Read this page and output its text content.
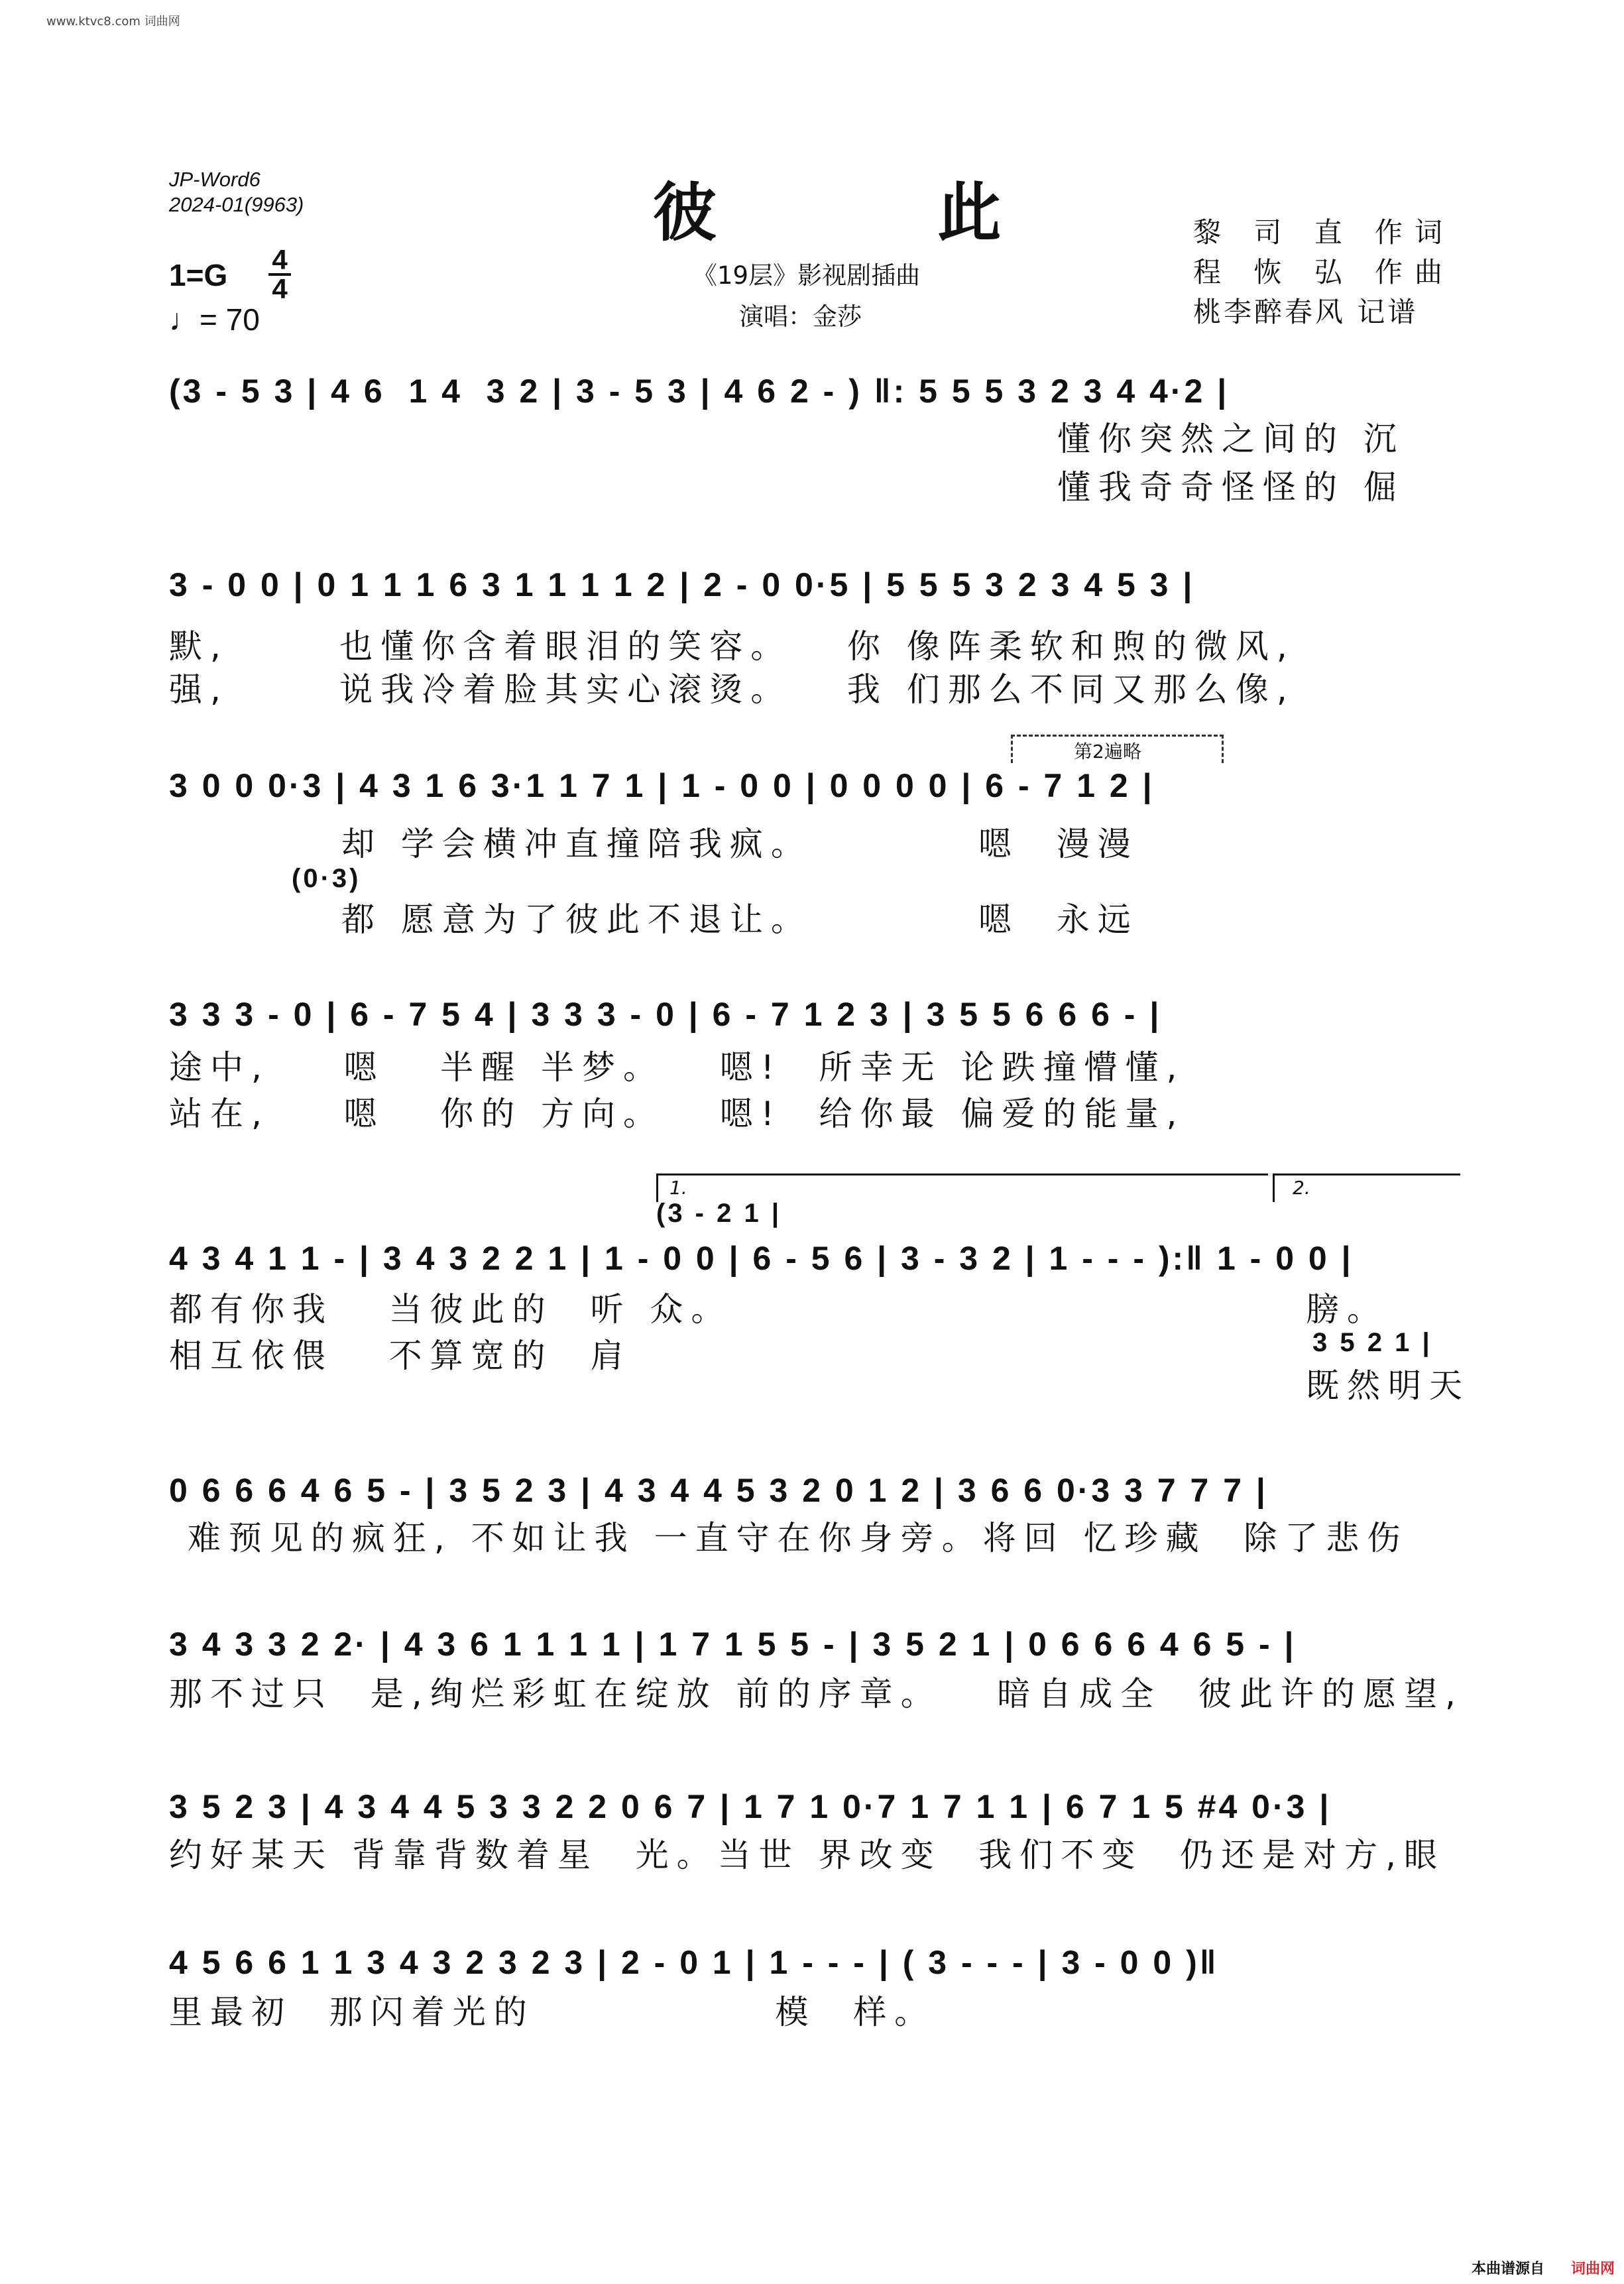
www.ktvc8.com 词曲网
JP-Word6
2024-01(9963)	彼 此
《19层》影视剧插曲
演唱：金莎
黎 司 直 作词
程 恢 弘 作曲
桃李醉春风 记谱
1=G 4
4
♩= 70
(3 - 5 3 | 4 6  1 4  3 2 | 3 - 5 3 | 4 6 2 - ) ‖: 5 5 5 3 2 3 4 4·2 |
懂你突然之间的 沉
懂我奇奇怪怪的 倔
3 - 0 0 | 0 1 1 1 6 3 1 1 1 1 2 | 2 - 0 0·5 | 5 5 5 3 2 3 4 5 3 |
默,      也懂你含着眼泪的笑容。   你 像阵柔软和煦的微风,
强,      说我冷着脸其实心滚烫。   我 们那么不同又那么像,
第2遍略
3 0 0 0·3 | 4 3 1 6 3·1 1 7 1 | 1 - 0 0 | 0 0 0 0 | 6 - 7 1 2 |
却 学会横冲直撞陪我疯。         嗯  漫漫
(0·3)
都 愿意为了彼此不退让。         嗯  永远
3 3 3 - 0 | 6 - 7 5 4 | 3 3 3 - 0 | 6 - 7 1 2 3 | 3 5 5 6 6 6 - |
途中,    嗯   半醒 半梦。   嗯!  所幸无 论跌撞懵懂,
站在,    嗯   你的 方向。   嗯!  给你最 偏爱的能量,
1.
(3 - 2 1 |
2.
4 3 4 1 1 - | 3 4 3 2 2 1 | 1 - 0 0 | 6 - 5 6 | 3 - 3 2 | 1 - - - ):‖ 1 - 0 0 |
都有你我   当彼此的  听 众。
相互依偎   不算宽的  肩
膀。
3 5 2 1 |
既然明天
0 6 6 6 4 6 5 - | 3 5 2 3 | 4 3 4 4 5 3 2 0 1 2 | 3 6 6 0·3 3 7 7 7 |
难预见的疯狂, 不如让我 一直守在你身旁。将回 忆珍藏  除了悲伤
3 4 3 3 2 2· | 4 3 6 1 1 1 1 | 1 7 1 5 5 - | 3 5 2 1 | 0 6 6 6 4 6 5 - |
那不过只  是,绚烂彩虹在绽放 前的序章。   暗自成全  彼此许的愿望,
3 5 2 3 | 4 3 4 4 5 3 3 2 2 0 6 7 | 1 7 1 0·7 1 7 1 1 | 6 7 1 5 #4 0·3 |
约好某天 背靠背数着星  光。当世 界改变  我们不变  仍还是对方,眼
4 5 6 6 1 1 3 4 3 2 3 2 3 | 2 - 0 1 | 1 - - - | ( 3 - - - | 3 - 0 0 )‖
里最初  那闪着光的             模  样。
本曲谱源自 词曲网
